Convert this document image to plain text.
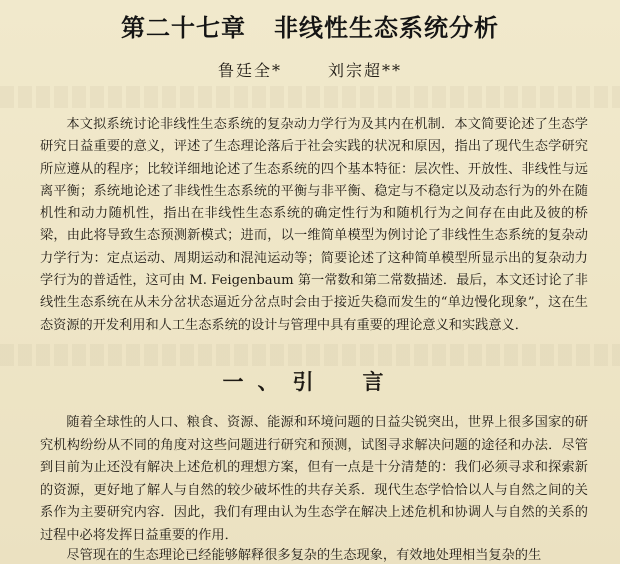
第二十七章 非线性生态系统分析
鲁廷全*	刘宗超**

本文拟系统讨论非线性生态系统的复杂动力学行为及其内在机制．本文简要论述了生态学研究日益重要的意义，评述了生态理论落后于社会实践的状况和原因，指出了现代生态学研究所应遵从的程序；比较详细地论述了生态系统的四个基本特征：层次性、开放性、非线性与远离平衡；系统地论述了非线性生态系统的平衡与非平衡、稳定与不稳定以及动态行为的外在随机性和动力随机性，指出在非线性生态系统的确定性行为和随机行为之间存在由此及彼的桥梁，由此将导致生态预测新模式；进而，以一维简单模型为例讨论了非线性生态系统的复杂动力学行为：定点运动、周期运动和混沌运动等；简要论述了这种简单模型所显示出的复杂动力学行为的普适性，这可由 M. Feigenbaum 第一常数和第二常数描述．最后，本文还讨论了非线性生态系统在从未分岔状态逼近分岔点时会由于接近失稳而发生的“单边慢化现象”，这在生态资源的开发利用和人工生态系统的设计与管理中具有重要的理论意义和实践意义．

一、引　言

随着全球性的人口、粮食、资源、能源和环境问题的日益尖锐突出，世界上很多国家的研究机构纷纷从不同的角度对这些问题进行研究和预测，试图寻求解决问题的途径和办法．尽管到目前为止还没有解决上述危机的理想方案，但有一点是十分清楚的：我们必须寻求和探索新的资源，更好地了解人与自然的较少破坏性的共存关系．现代生态学恰恰以人与自然之间的关系作为主要研究内容．因此，我们有理由认为生态学在解决上述危机和协调人与自然的关系的过程中必将发挥日益重要的作用．

尽管现在的生态理论已经能够解释很多复杂的生态现象，有效地处理相当复杂的生
